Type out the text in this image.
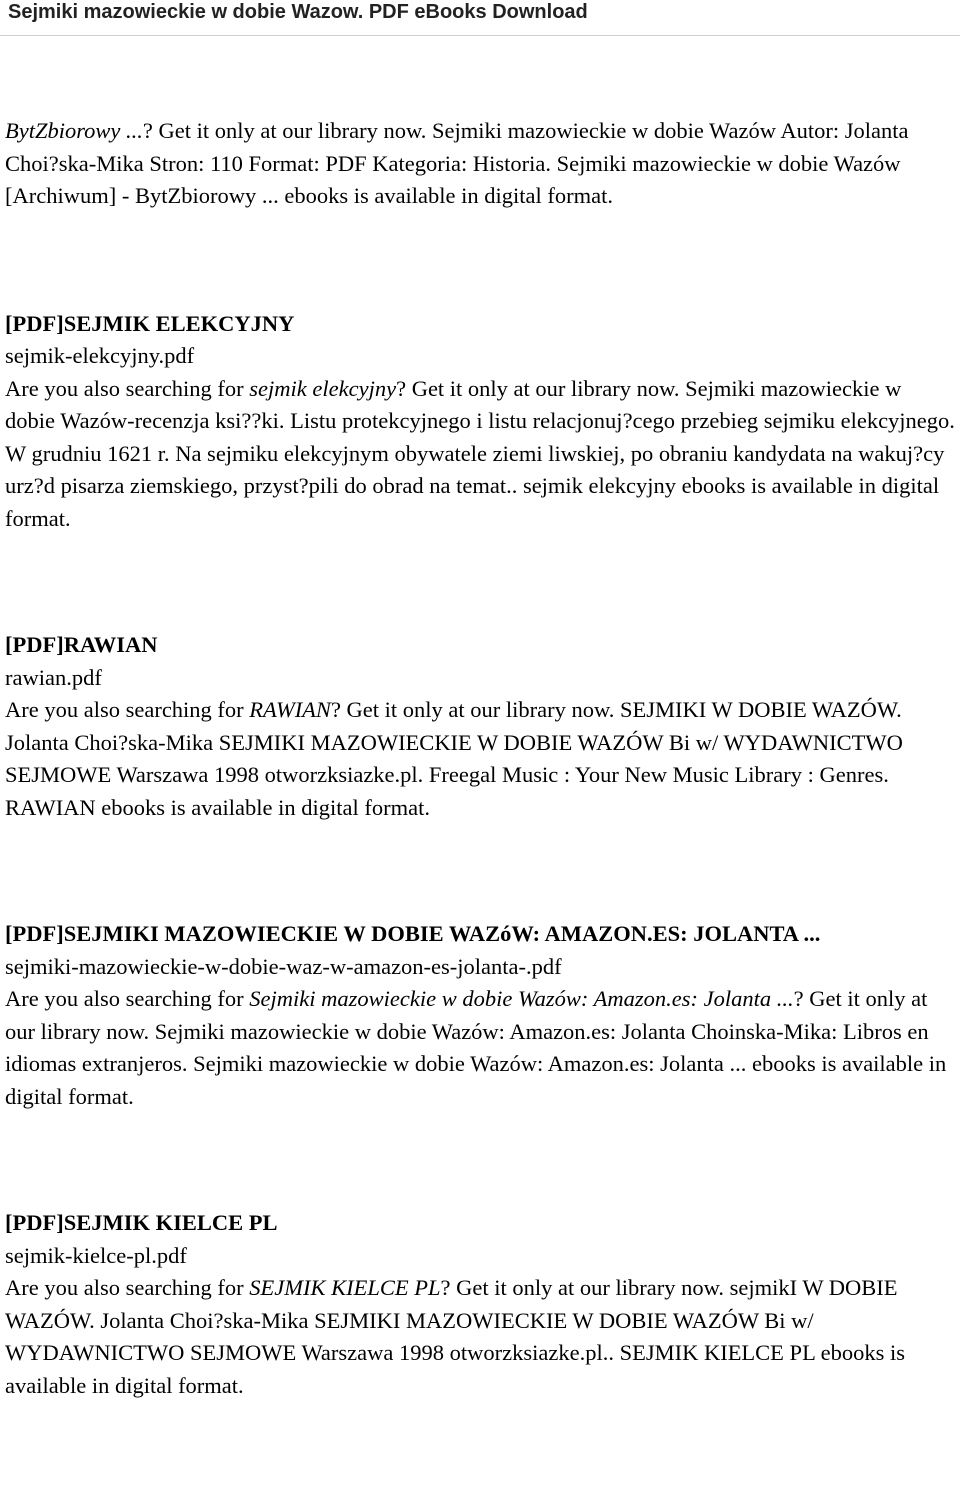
Sejmiki mazowieckie w dobie Wazow. PDF eBooks Download

BytZbiorowy ...? Get it only at our library now. Sejmiki mazowieckie w dobie Wazów Autor: Jolanta Choi?ska-Mika Stron: 110 Format: PDF Kategoria: Historia. Sejmiki mazowieckie w dobie Wazów [Archiwum] - BytZbiorowy ... ebooks is available in digital format.

[PDF]SEJMIK ELEKCYJNY

sejmik-elekcyjny.pdf

Are you also searching for sejmik elekcyjny? Get it only at our library now. Sejmiki mazowieckie w dobie Wazów-recenzja ksi??ki. Listu protekcyjnego i listu relacjonuj?cego przebieg sejmiku elekcyjnego. W grudniu 1621 r. Na sejmiku elekcyjnym obywatele ziemi liwskiej, po obraniu kandydata na wakuj?cy urz?d pisarza ziemskiego, przyst?pili do obrad na temat.. sejmik elekcyjny ebooks is available in digital format.

[PDF]RAWIAN

rawian.pdf

Are you also searching for RAWIAN? Get it only at our library now. SEJMIKI W DOBIE WAZÓW. Jolanta Choi?ska-Mika SEJMIKI MAZOWIECKIE W DOBIE WAZÓW Bi w/ WYDAWNICTWO SEJMOWE Warszawa 1998 otworzksiazke.pl. Freegal Music : Your New Music Library : Genres. RAWIAN ebooks is available in digital format.

[PDF]SEJMIKI MAZOWIECKIE W DOBIE WAZóW: AMAZON.ES: JOLANTA ...

sejmiki-mazowieckie-w-dobie-waz-w-amazon-es-jolanta-.pdf

Are you also searching for Sejmiki mazowieckie w dobie Wazów: Amazon.es: Jolanta ...? Get it only at our library now. Sejmiki mazowieckie w dobie Wazów: Amazon.es: Jolanta Choinska-Mika: Libros en idiomas extranjeros. Sejmiki mazowieckie w dobie Wazów: Amazon.es: Jolanta ... ebooks is available in digital format.

[PDF]SEJMIK KIELCE PL

sejmik-kielce-pl.pdf

Are you also searching for SEJMIK KIELCE PL? Get it only at our library now. sejmikI W DOBIE WAZÓW. Jolanta Choi?ska-Mika SEJMIKI MAZOWIECKIE W DOBIE WAZÓW Bi w/ WYDAWNICTWO SEJMOWE Warszawa 1998 otworzksiazke.pl.. SEJMIK KIELCE PL ebooks is available in digital format.
